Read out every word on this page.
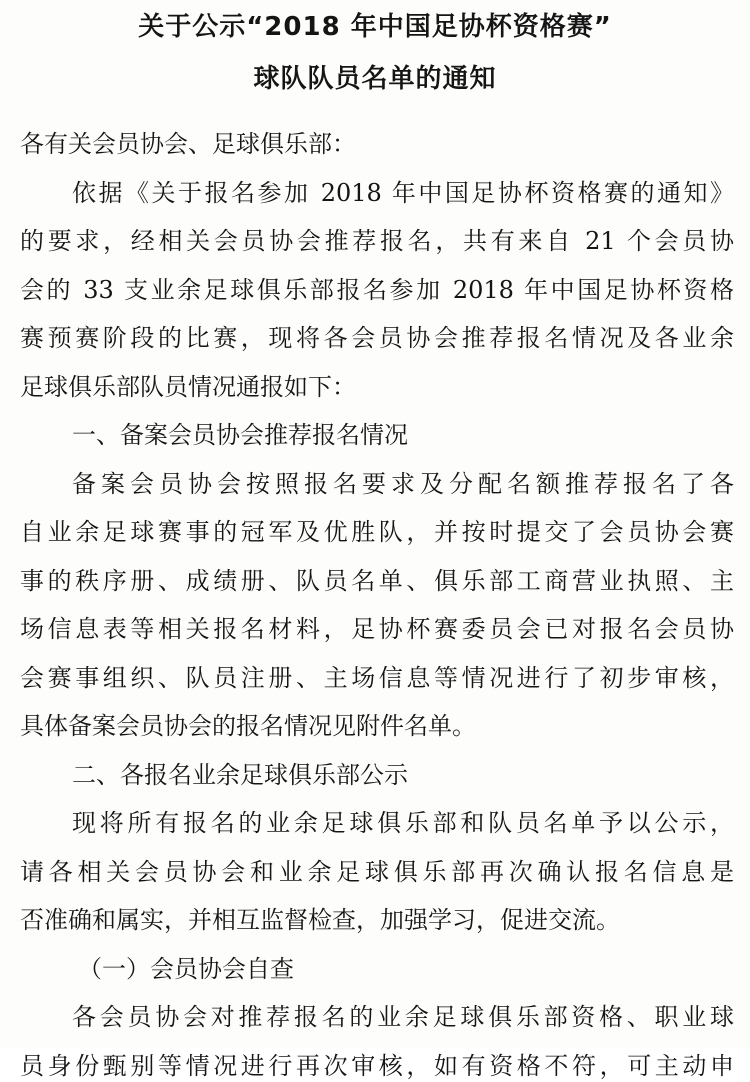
关于公示“2018 年中国足协杯资格赛”
球队队员名单的通知
各有关会员协会、足球俱乐部：
依据《关于报名参加 2018 年中国足协杯资格赛的通知》
的要求，经相关会员协会推荐报名，共有来自 21 个会员协
会的 33 支业余足球俱乐部报名参加 2018 年中国足协杯资格
赛预赛阶段的比赛，现将各会员协会推荐报名情况及各业余
足球俱乐部队员情况通报如下：
一、备案会员协会推荐报名情况
备案会员协会按照报名要求及分配名额推荐报名了各
自业余足球赛事的冠军及优胜队，并按时提交了会员协会赛
事的秩序册、成绩册、队员名单、俱乐部工商营业执照、主
场信息表等相关报名材料，足协杯赛委员会已对报名会员协
会赛事组织、队员注册、主场信息等情况进行了初步审核，
具体备案会员协会的报名情况见附件名单。
二、各报名业余足球俱乐部公示
现将所有报名的业余足球俱乐部和队员名单予以公示，
请各相关会员协会和业余足球俱乐部再次确认报名信息是
否准确和属实，并相互监督检查，加强学习，促进交流。
（一）会员协会自查
各会员协会对推荐报名的业余足球俱乐部资格、职业球
员身份甄别等情况进行再次审核，如有资格不符，可主动申
